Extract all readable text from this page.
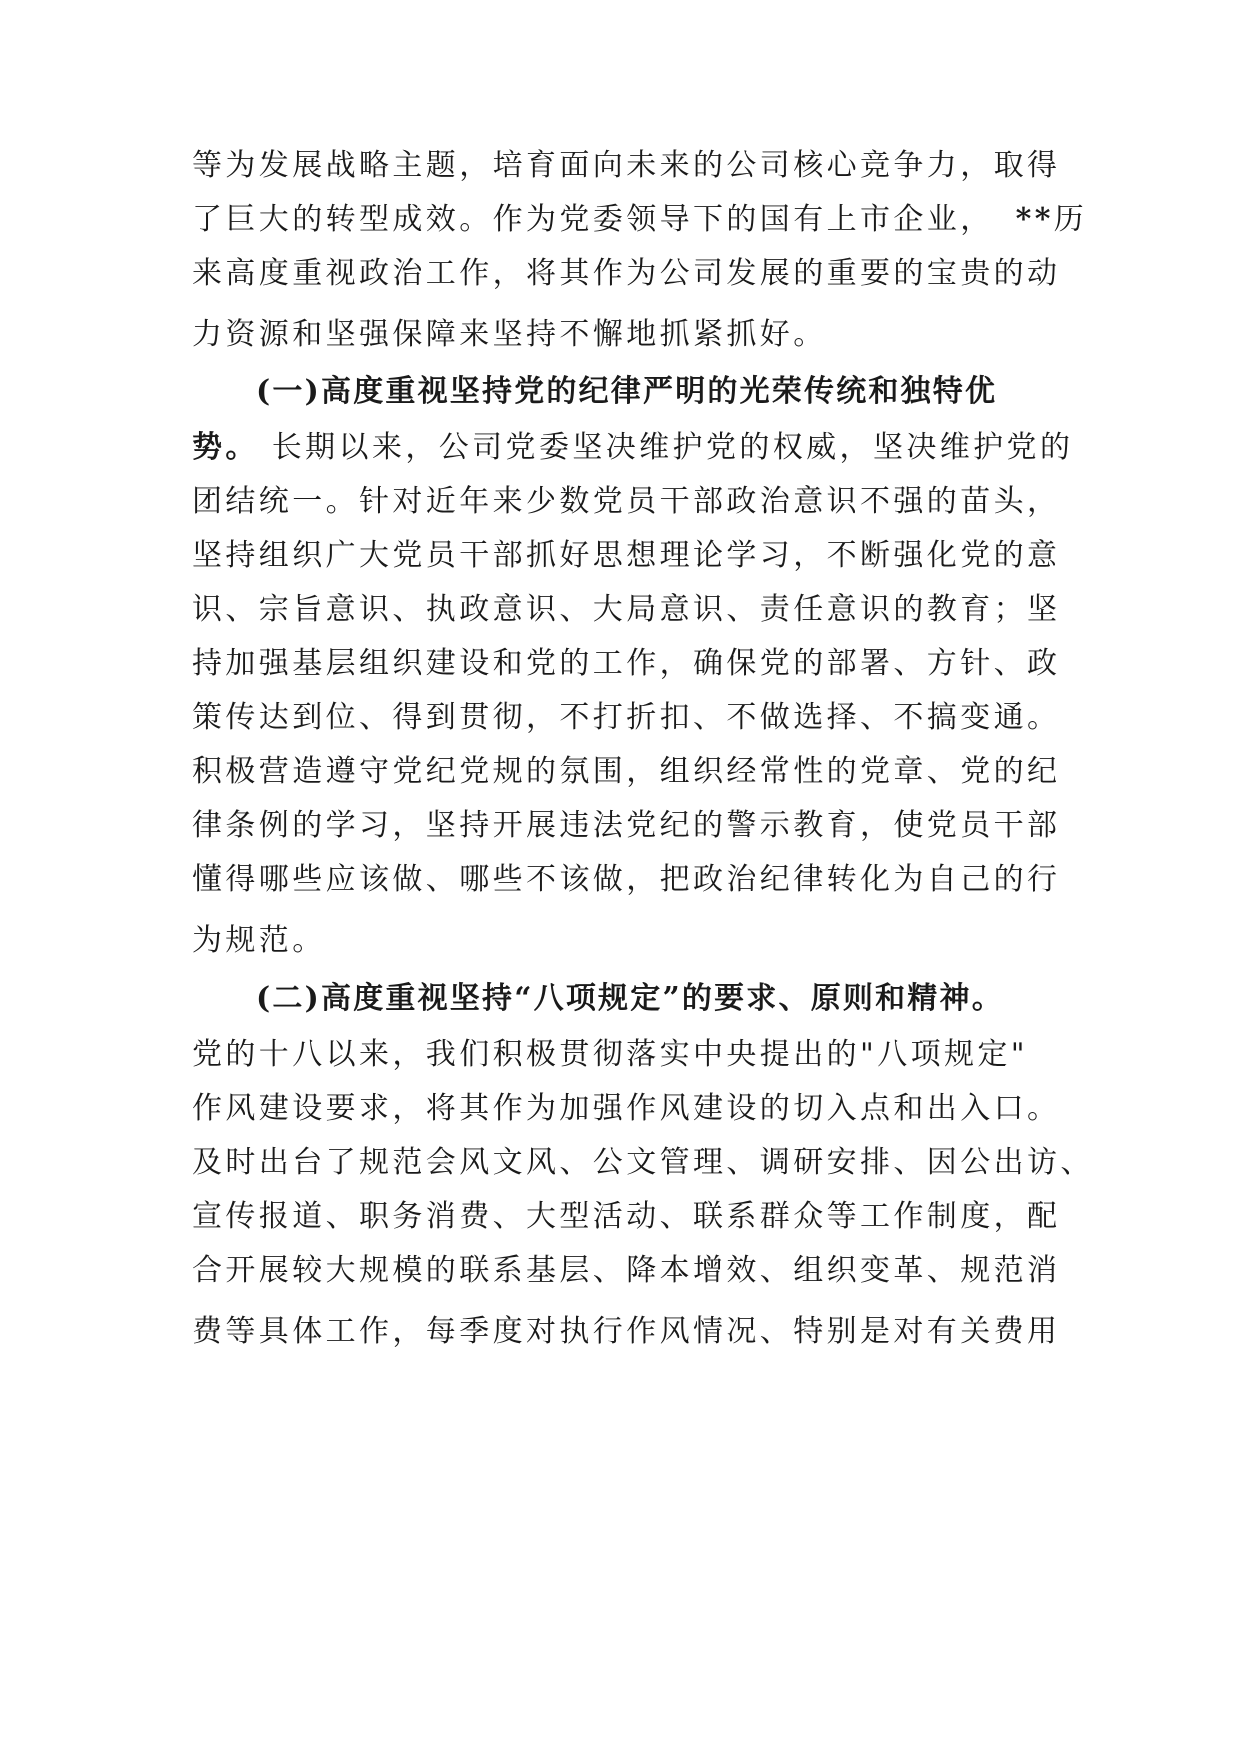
等为发展战略主题，培育面向未来的公司核心竞争力，取得
了巨大的转型成效。作为党委领导下的国有上市企业， **历
来高度重视政治工作，将其作为公司发展的重要的宝贵的动
力资源和坚强保障来坚持不懈地抓紧抓好。
(一)高度重视坚持党的纪律严明的光荣传统和独特优
势。 长期以来，公司党委坚决维护党的权威，坚决维护党的
团结统一。针对近年来少数党员干部政治意识不强的苗头，
坚持组织广大党员干部抓好思想理论学习，不断强化党的意
识、宗旨意识、执政意识、大局意识、责任意识的教育；坚
持加强基层组织建设和党的工作，确保党的部署、方针、政
策传达到位、得到贯彻，不打折扣、不做选择、不搞变通。
积极营造遵守党纪党规的氛围，组织经常性的党章、党的纪
律条例的学习，坚持开展违法党纪的警示教育，使党员干部
懂得哪些应该做、哪些不该做，把政治纪律转化为自己的行
为规范。
(二)高度重视坚持“八项规定”的要求、原则和精神。
党的十八以来，我们积极贯彻落实中央提出的"八项规定"
作风建设要求，将其作为加强作风建设的切入点和出入口。
及时出台了规范会风文风、公文管理、调研安排、因公出访、
宣传报道、职务消费、大型活动、联系群众等工作制度，配
合开展较大规模的联系基层、降本增效、组织变革、规范消
费等具体工作，每季度对执行作风情况、特别是对有关费用
